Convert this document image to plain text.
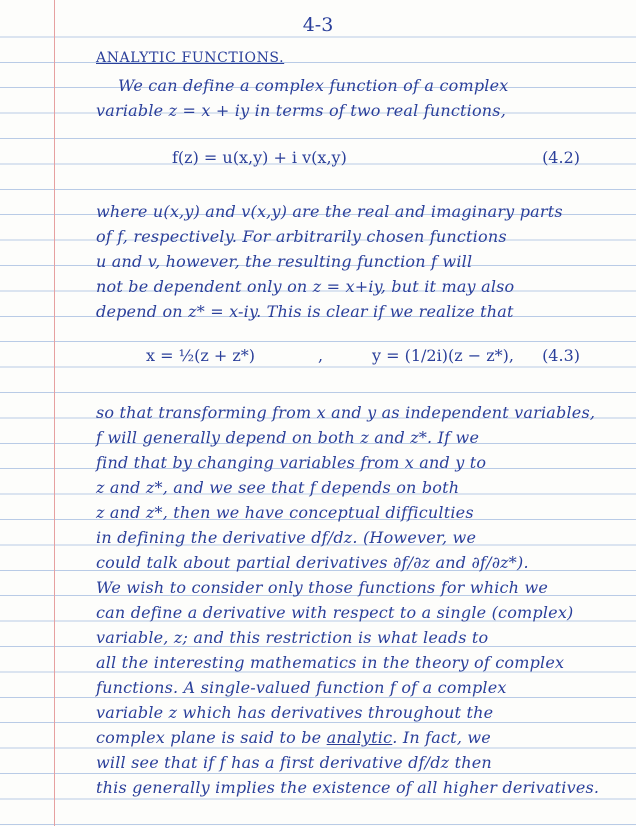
4-3
ANALYTIC FUNCTIONS.
We can define a complex function of a complex
variable z = x + iy in terms of two real functions,
f(z) = u(x,y) + i v(x,y)	(4.2)
where u(x,y) and v(x,y) are the real and imaginary parts
of f, respectively. For arbitrarily chosen functions
u and v, however, the resulting function f will
not be dependent only on z = x+iy, but it may also
depend on z* = x-iy. This is clear if we realize that
x = ½(z + z*)	,	y = (1/2i)(z − z*), (4.3)
so that transforming from x and y as independent variables,
f will generally depend on both z and z*. If we
find that by changing variables from x and y to
z and z*, and we see that f depends on both
z and z*, then we have conceptual difficulties
in defining the derivative df/dz. (However, we
could talk about partial derivatives ∂f/∂z and ∂f/∂z*).
We wish to consider only those functions for which we
can define a derivative with respect to a single (complex)
variable, z; and this restriction is what leads to
all the interesting mathematics in the theory of complex
functions. A single-valued function f of a complex
variable z which has derivatives throughout the
complex plane is said to be analytic. In fact, we
will see that if f has a first derivative df/dz then
this generally implies the existence of all higher derivatives.
